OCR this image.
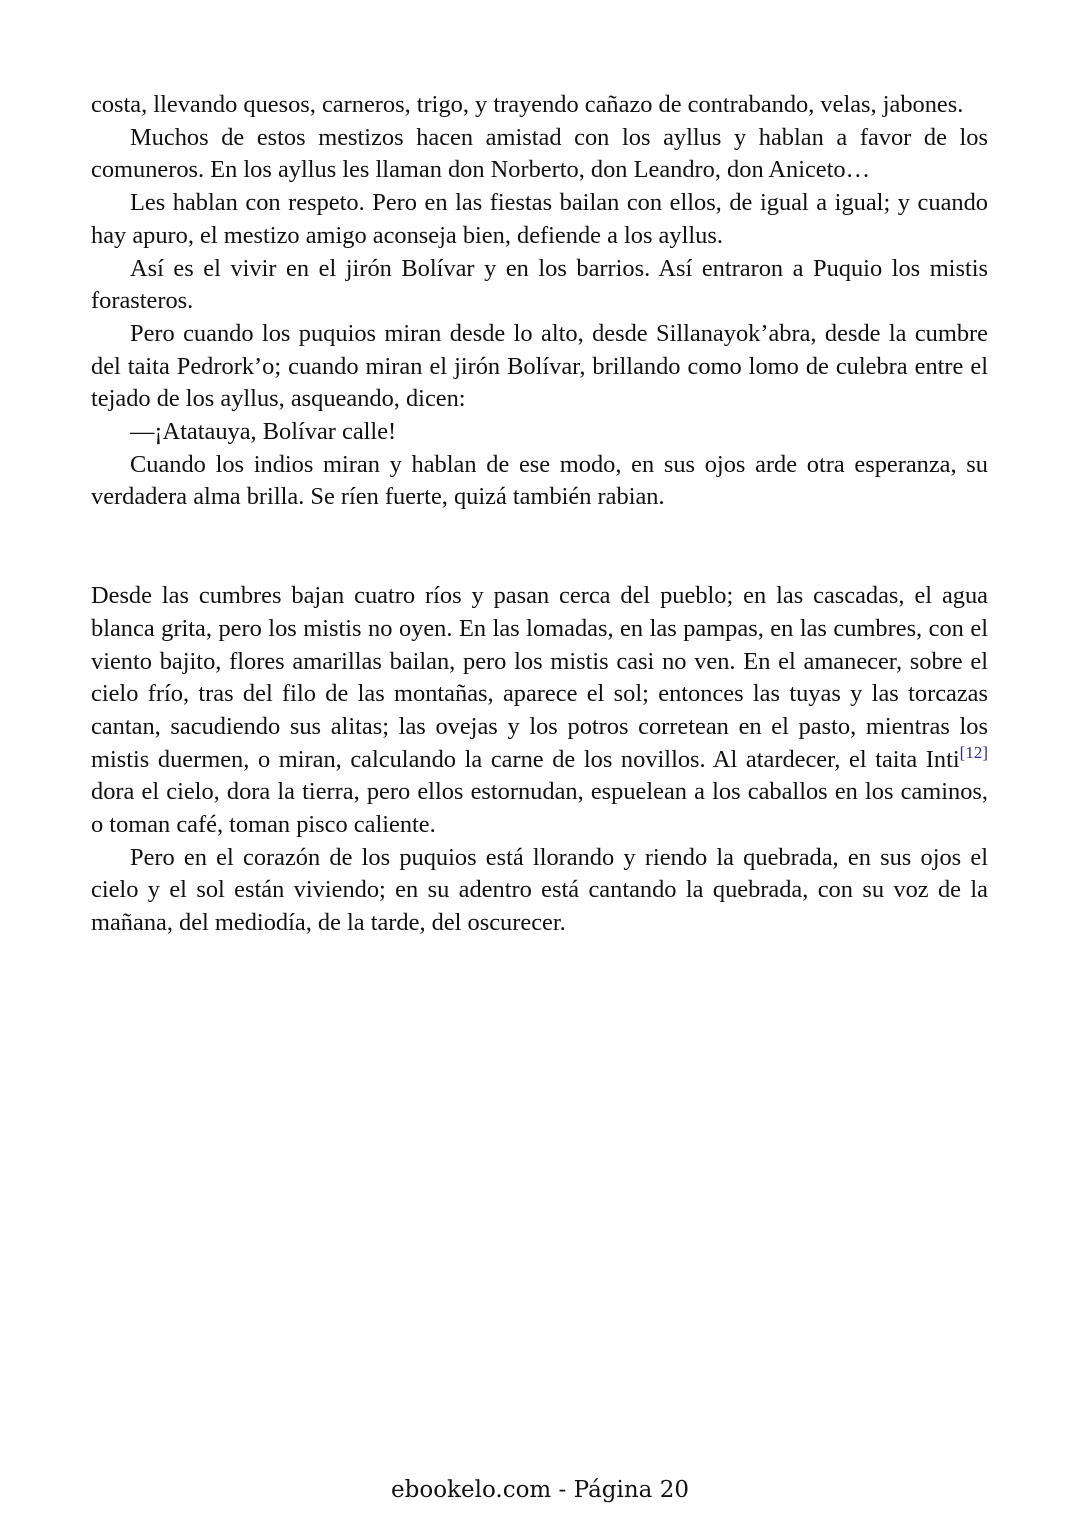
costa, llevando quesos, carneros, trigo, y trayendo cañazo de contrabando, velas, jabones.

Muchos de estos mestizos hacen amistad con los ayllus y hablan a favor de los comuneros. En los ayllus les llaman don Norberto, don Leandro, don Aniceto…

Les hablan con respeto. Pero en las fiestas bailan con ellos, de igual a igual; y cuando hay apuro, el mestizo amigo aconseja bien, defiende a los ayllus.

Así es el vivir en el jirón Bolívar y en los barrios. Así entraron a Puquio los mistis forasteros.

Pero cuando los puquios miran desde lo alto, desde Sillanayok’abra, desde la cumbre del taita Pedrork’o; cuando miran el jirón Bolívar, brillando como lomo de culebra entre el tejado de los ayllus, asqueando, dicen:

—¡Atatauya, Bolívar calle!

Cuando los indios miran y hablan de ese modo, en sus ojos arde otra esperanza, su verdadera alma brilla. Se ríen fuerte, quizá también rabian.

Desde las cumbres bajan cuatro ríos y pasan cerca del pueblo; en las cascadas, el agua blanca grita, pero los mistis no oyen. En las lomadas, en las pampas, en las cumbres, con el viento bajito, flores amarillas bailan, pero los mistis casi no ven. En el amanecer, sobre el cielo frío, tras del filo de las montañas, aparece el sol; entonces las tuyas y las torcazas cantan, sacudiendo sus alitas; las ovejas y los potros corretean en el pasto, mientras los mistis duermen, o miran, calculando la carne de los novillos. Al atardecer, el taita Inti[12] dora el cielo, dora la tierra, pero ellos estornudan, espuelean a los caballos en los caminos, o toman café, toman pisco caliente.

Pero en el corazón de los puquios está llorando y riendo la quebrada, en sus ojos el cielo y el sol están viviendo; en su adentro está cantando la quebrada, con su voz de la mañana, del mediodía, de la tarde, del oscurecer.

ebookelo.com - Página 20
